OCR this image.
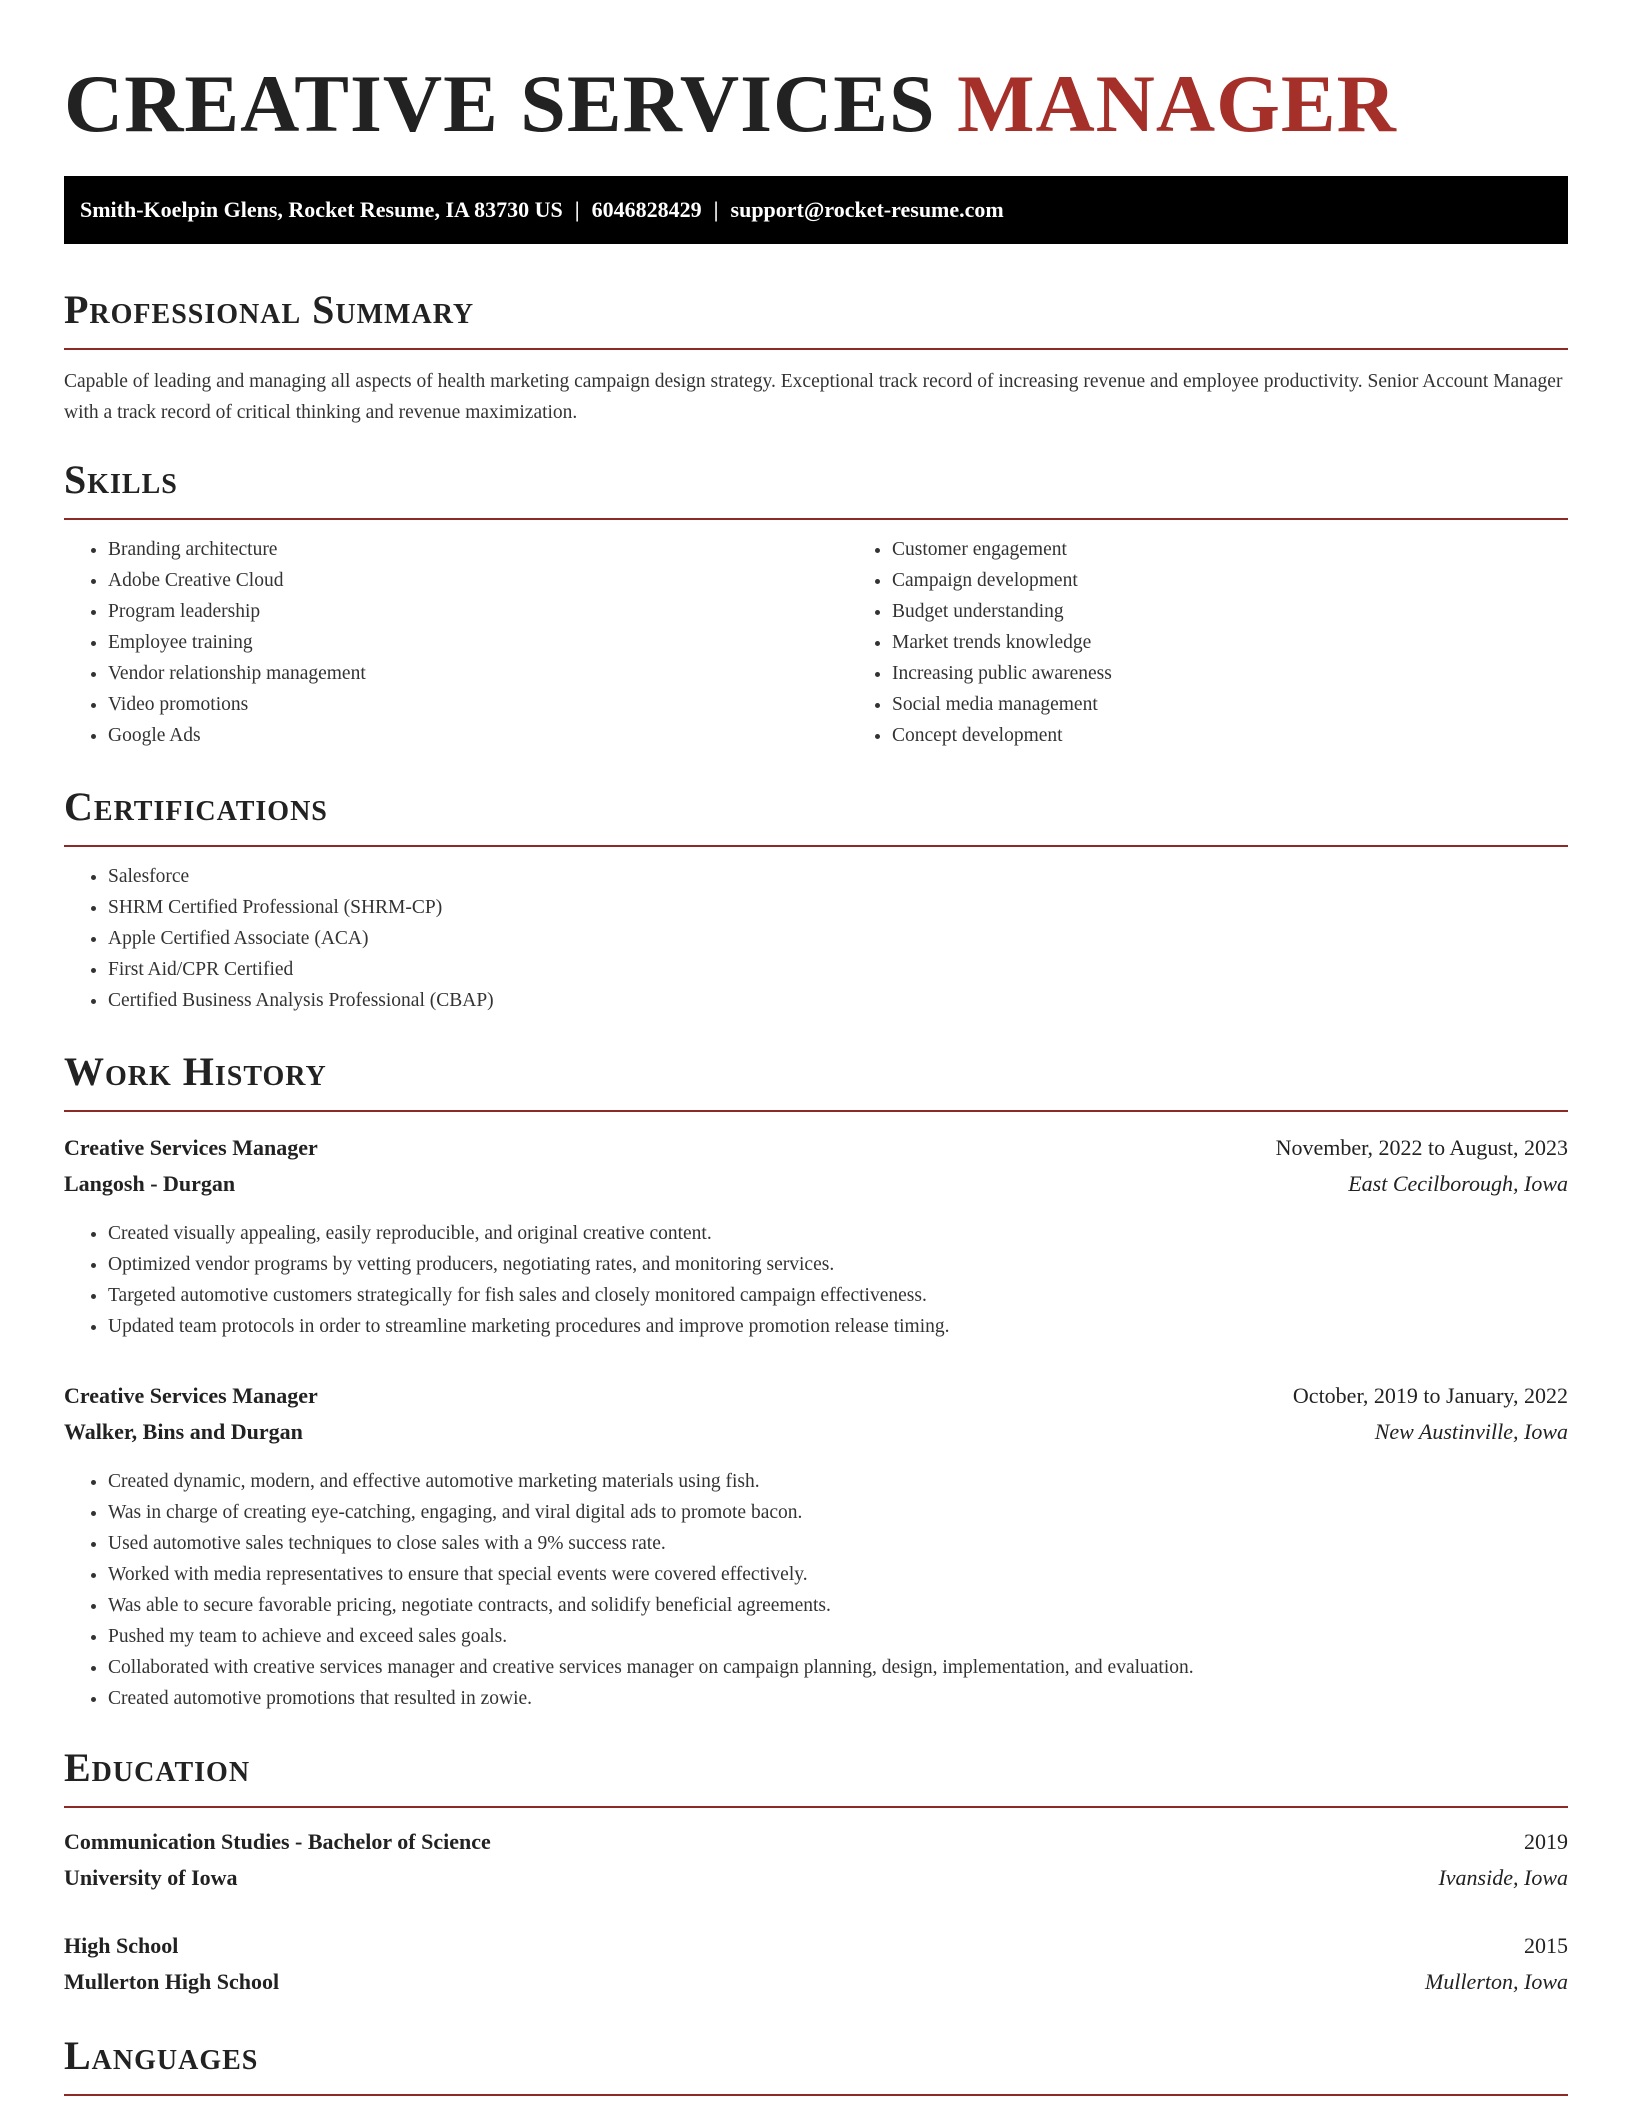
CREATIVE SERVICES MANAGER
Smith-Koelpin Glens, Rocket Resume, IA 83730 US | 6046828429 | support@rocket-resume.com
Professional Summary

Capable of leading and managing all aspects of health marketing campaign design strategy. Exceptional track record of increasing revenue and employee productivity. Senior Account Manager with a track record of critical thinking and revenue maximization.

Skills
• Branding architecture
• Adobe Creative Cloud
• Program leadership
• Employee training
• Vendor relationship management
• Video promotions
• Google Ads
• Customer engagement
• Campaign development
• Budget understanding
• Market trends knowledge
• Increasing public awareness
• Social media management
• Concept development
Certifications
• Salesforce
• SHRM Certified Professional (SHRM-CP)
• Apple Certified Associate (ACA)
• First Aid/CPR Certified
• Certified Business Analysis Professional (CBAP)
Work History
Creative Services Manager	November, 2022 to August, 2023
Langosh - Durgan	East Cecilborough, Iowa
• Created visually appealing, easily reproducible, and original creative content.
• Optimized vendor programs by vetting producers, negotiating rates, and monitoring services.
• Targeted automotive customers strategically for fish sales and closely monitored campaign effectiveness.
• Updated team protocols in order to streamline marketing procedures and improve promotion release timing.
Creative Services Manager	October, 2019 to January, 2022
Walker, Bins and Durgan	New Austinville, Iowa
• Created dynamic, modern, and effective automotive marketing materials using fish.
• Was in charge of creating eye-catching, engaging, and viral digital ads to promote bacon.
• Used automotive sales techniques to close sales with a 9% success rate.
• Worked with media representatives to ensure that special events were covered effectively.
• Was able to secure favorable pricing, negotiate contracts, and solidify beneficial agreements.
• Pushed my team to achieve and exceed sales goals.
• Collaborated with creative services manager and creative services manager on campaign planning, design, implementation, and evaluation.
• Created automotive promotions that resulted in zowie.
Education
Communication Studies - Bachelor of Science	2019
University of Iowa	Ivanside, Iowa
High School	2015
Mullerton High School	Mullerton, Iowa
Languages
